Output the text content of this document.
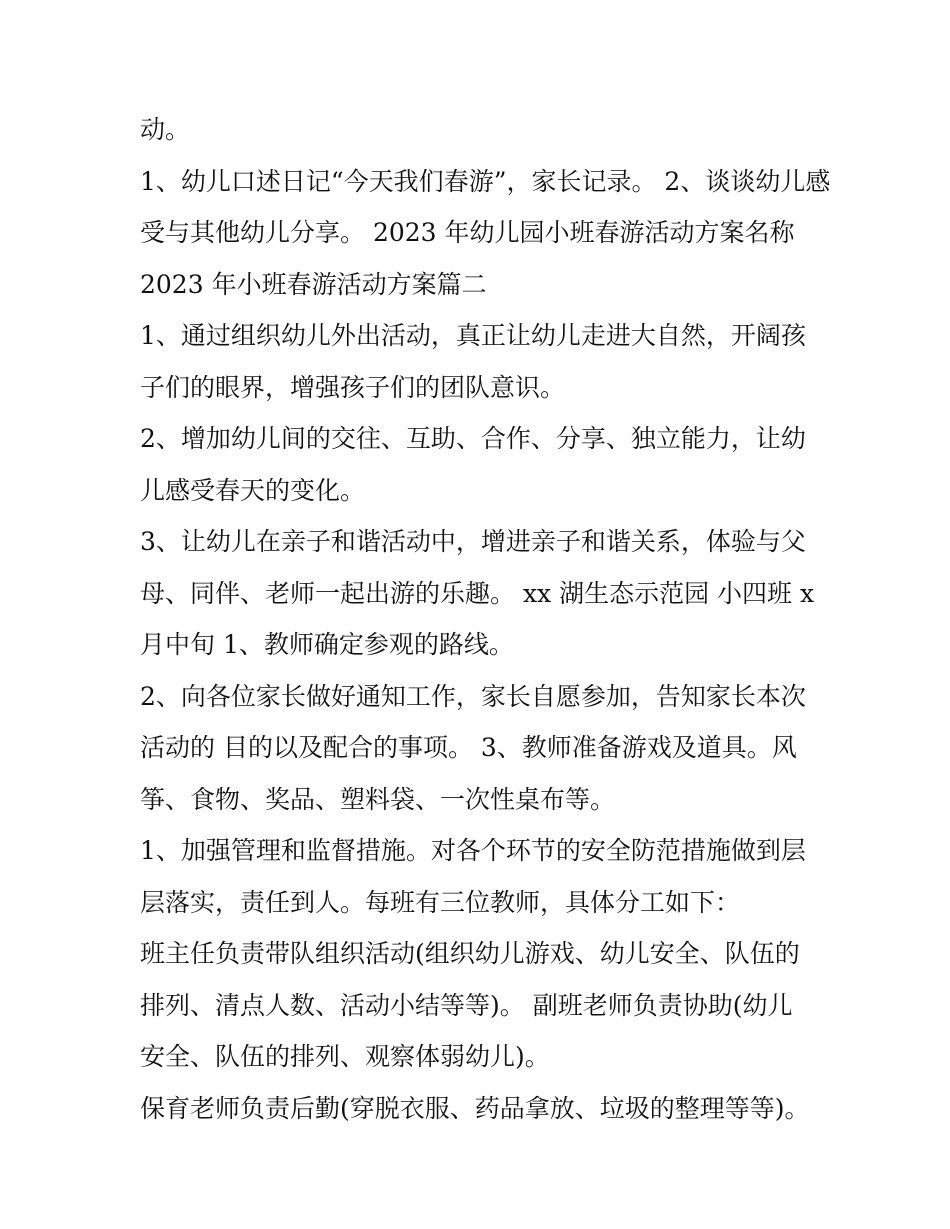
动。
1、幼儿口述日记“今天我们春游”，家长记录。 2、谈谈幼儿感
受与其他幼儿分享。 2023 年幼儿园小班春游活动方案名称
2023 年小班春游活动方案篇二
1、通过组织幼儿外出活动，真正让幼儿走进大自然，开阔孩
子们的眼界，增强孩子们的团队意识。
2、增加幼儿间的交往、互助、合作、分享、独立能力，让幼
儿感受春天的变化。
3、让幼儿在亲子和谐活动中，增进亲子和谐关系，体验与父
母、同伴、老师一起出游的乐趣。 xx 湖生态示范园 小四班 x
月中旬 1、教师确定参观的路线。
2、向各位家长做好通知工作，家长自愿参加，告知家长本次
活动的 目的以及配合的事项。 3、教师准备游戏及道具。风
筝、食物、奖品、塑料袋、一次性桌布等。
1、加强管理和监督措施。对各个环节的安全防范措施做到层
层落实，责任到人。每班有三位教师，具体分工如下：
班主任负责带队组织活动(组织幼儿游戏、幼儿安全、队伍的
排列、清点人数、活动小结等等)。 副班老师负责协助(幼儿
安全、队伍的排列、观察体弱幼儿)。
保育老师负责后勤(穿脱衣服、药品拿放、垃圾的整理等等)。
